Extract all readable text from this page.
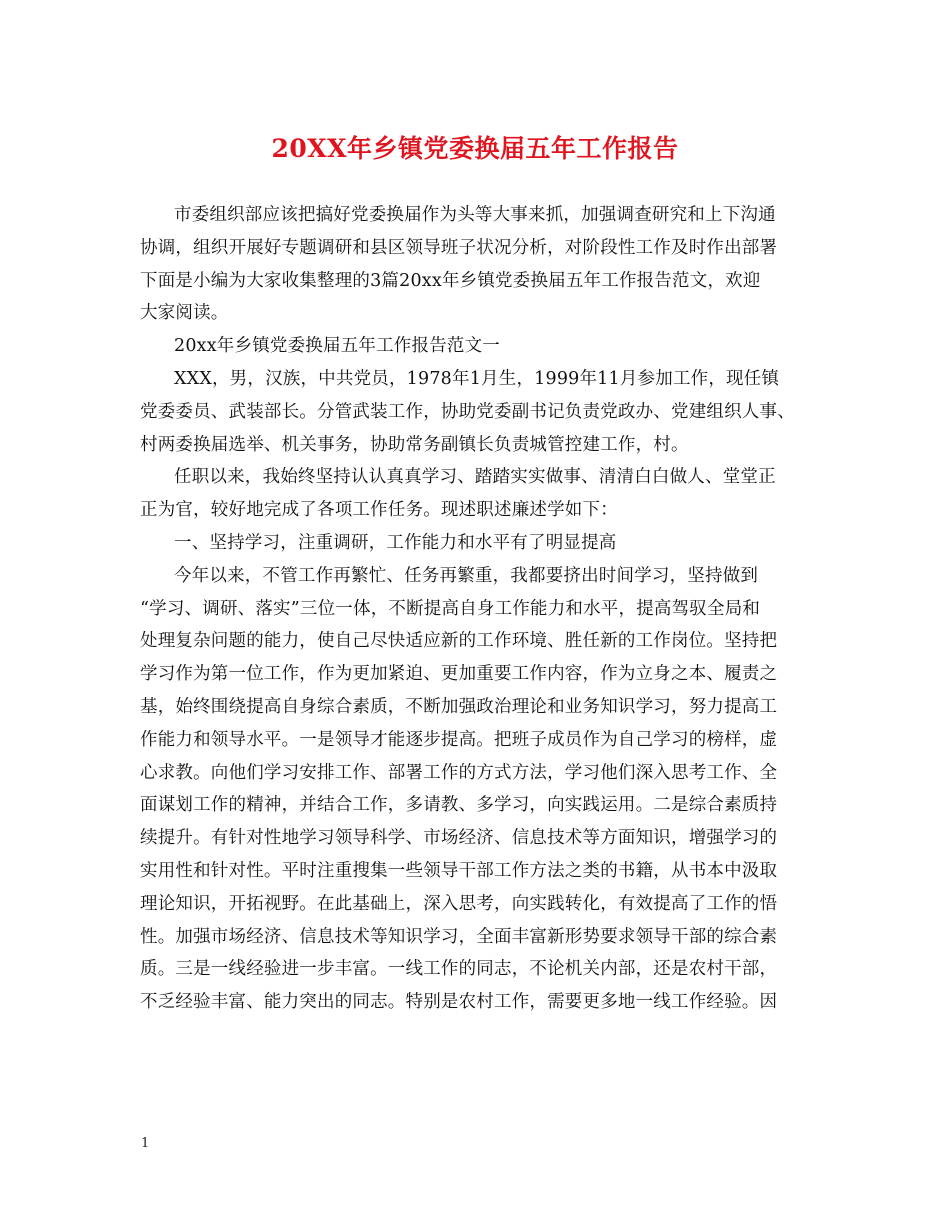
20XX年乡镇党委换届五年工作报告
市委组织部应该把搞好党委换届作为头等大事来抓，加强调查研究和上下沟通
协调，组织开展好专题调研和县区领导班子状况分析，对阶段性工作及时作出部署
下面是小编为大家收集整理的3篇20xx年乡镇党委换届五年工作报告范文，欢迎
大家阅读。
20xx年乡镇党委换届五年工作报告范文一
XXX，男，汉族，中共党员，1978年1月生，1999年11月参加工作，现任镇
党委委员、武装部长。分管武装工作，协助党委副书记负责党政办、党建组织人事、
村两委换届选举、机关事务，协助常务副镇长负责城管控建工作，村。
任职以来，我始终坚持认认真真学习、踏踏实实做事、清清白白做人、堂堂正
正为官，较好地完成了各项工作任务。现述职述廉述学如下：
一、坚持学习，注重调研，工作能力和水平有了明显提高
今年以来，不管工作再繁忙、任务再繁重，我都要挤出时间学习，坚持做到
“学习、调研、落实”三位一体，不断提高自身工作能力和水平，提高驾驭全局和
处理复杂问题的能力，使自己尽快适应新的工作环境、胜任新的工作岗位。坚持把
学习作为第一位工作，作为更加紧迫、更加重要工作内容，作为立身之本、履责之
基，始终围绕提高自身综合素质，不断加强政治理论和业务知识学习，努力提高工
作能力和领导水平。一是领导才能逐步提高。把班子成员作为自己学习的榜样，虚
心求教。向他们学习安排工作、部署工作的方式方法，学习他们深入思考工作、全
面谋划工作的精神，并结合工作，多请教、多学习，向实践运用。二是综合素质持
续提升。有针对性地学习领导科学、市场经济、信息技术等方面知识，增强学习的
实用性和针对性。平时注重搜集一些领导干部工作方法之类的书籍，从书本中汲取
理论知识，开拓视野。在此基础上，深入思考，向实践转化，有效提高了工作的悟
性。加强市场经济、信息技术等知识学习，全面丰富新形势要求领导干部的综合素
质。三是一线经验进一步丰富。一线工作的同志，不论机关内部，还是农村干部，
不乏经验丰富、能力突出的同志。特别是农村工作，需要更多地一线工作经验。因
1
